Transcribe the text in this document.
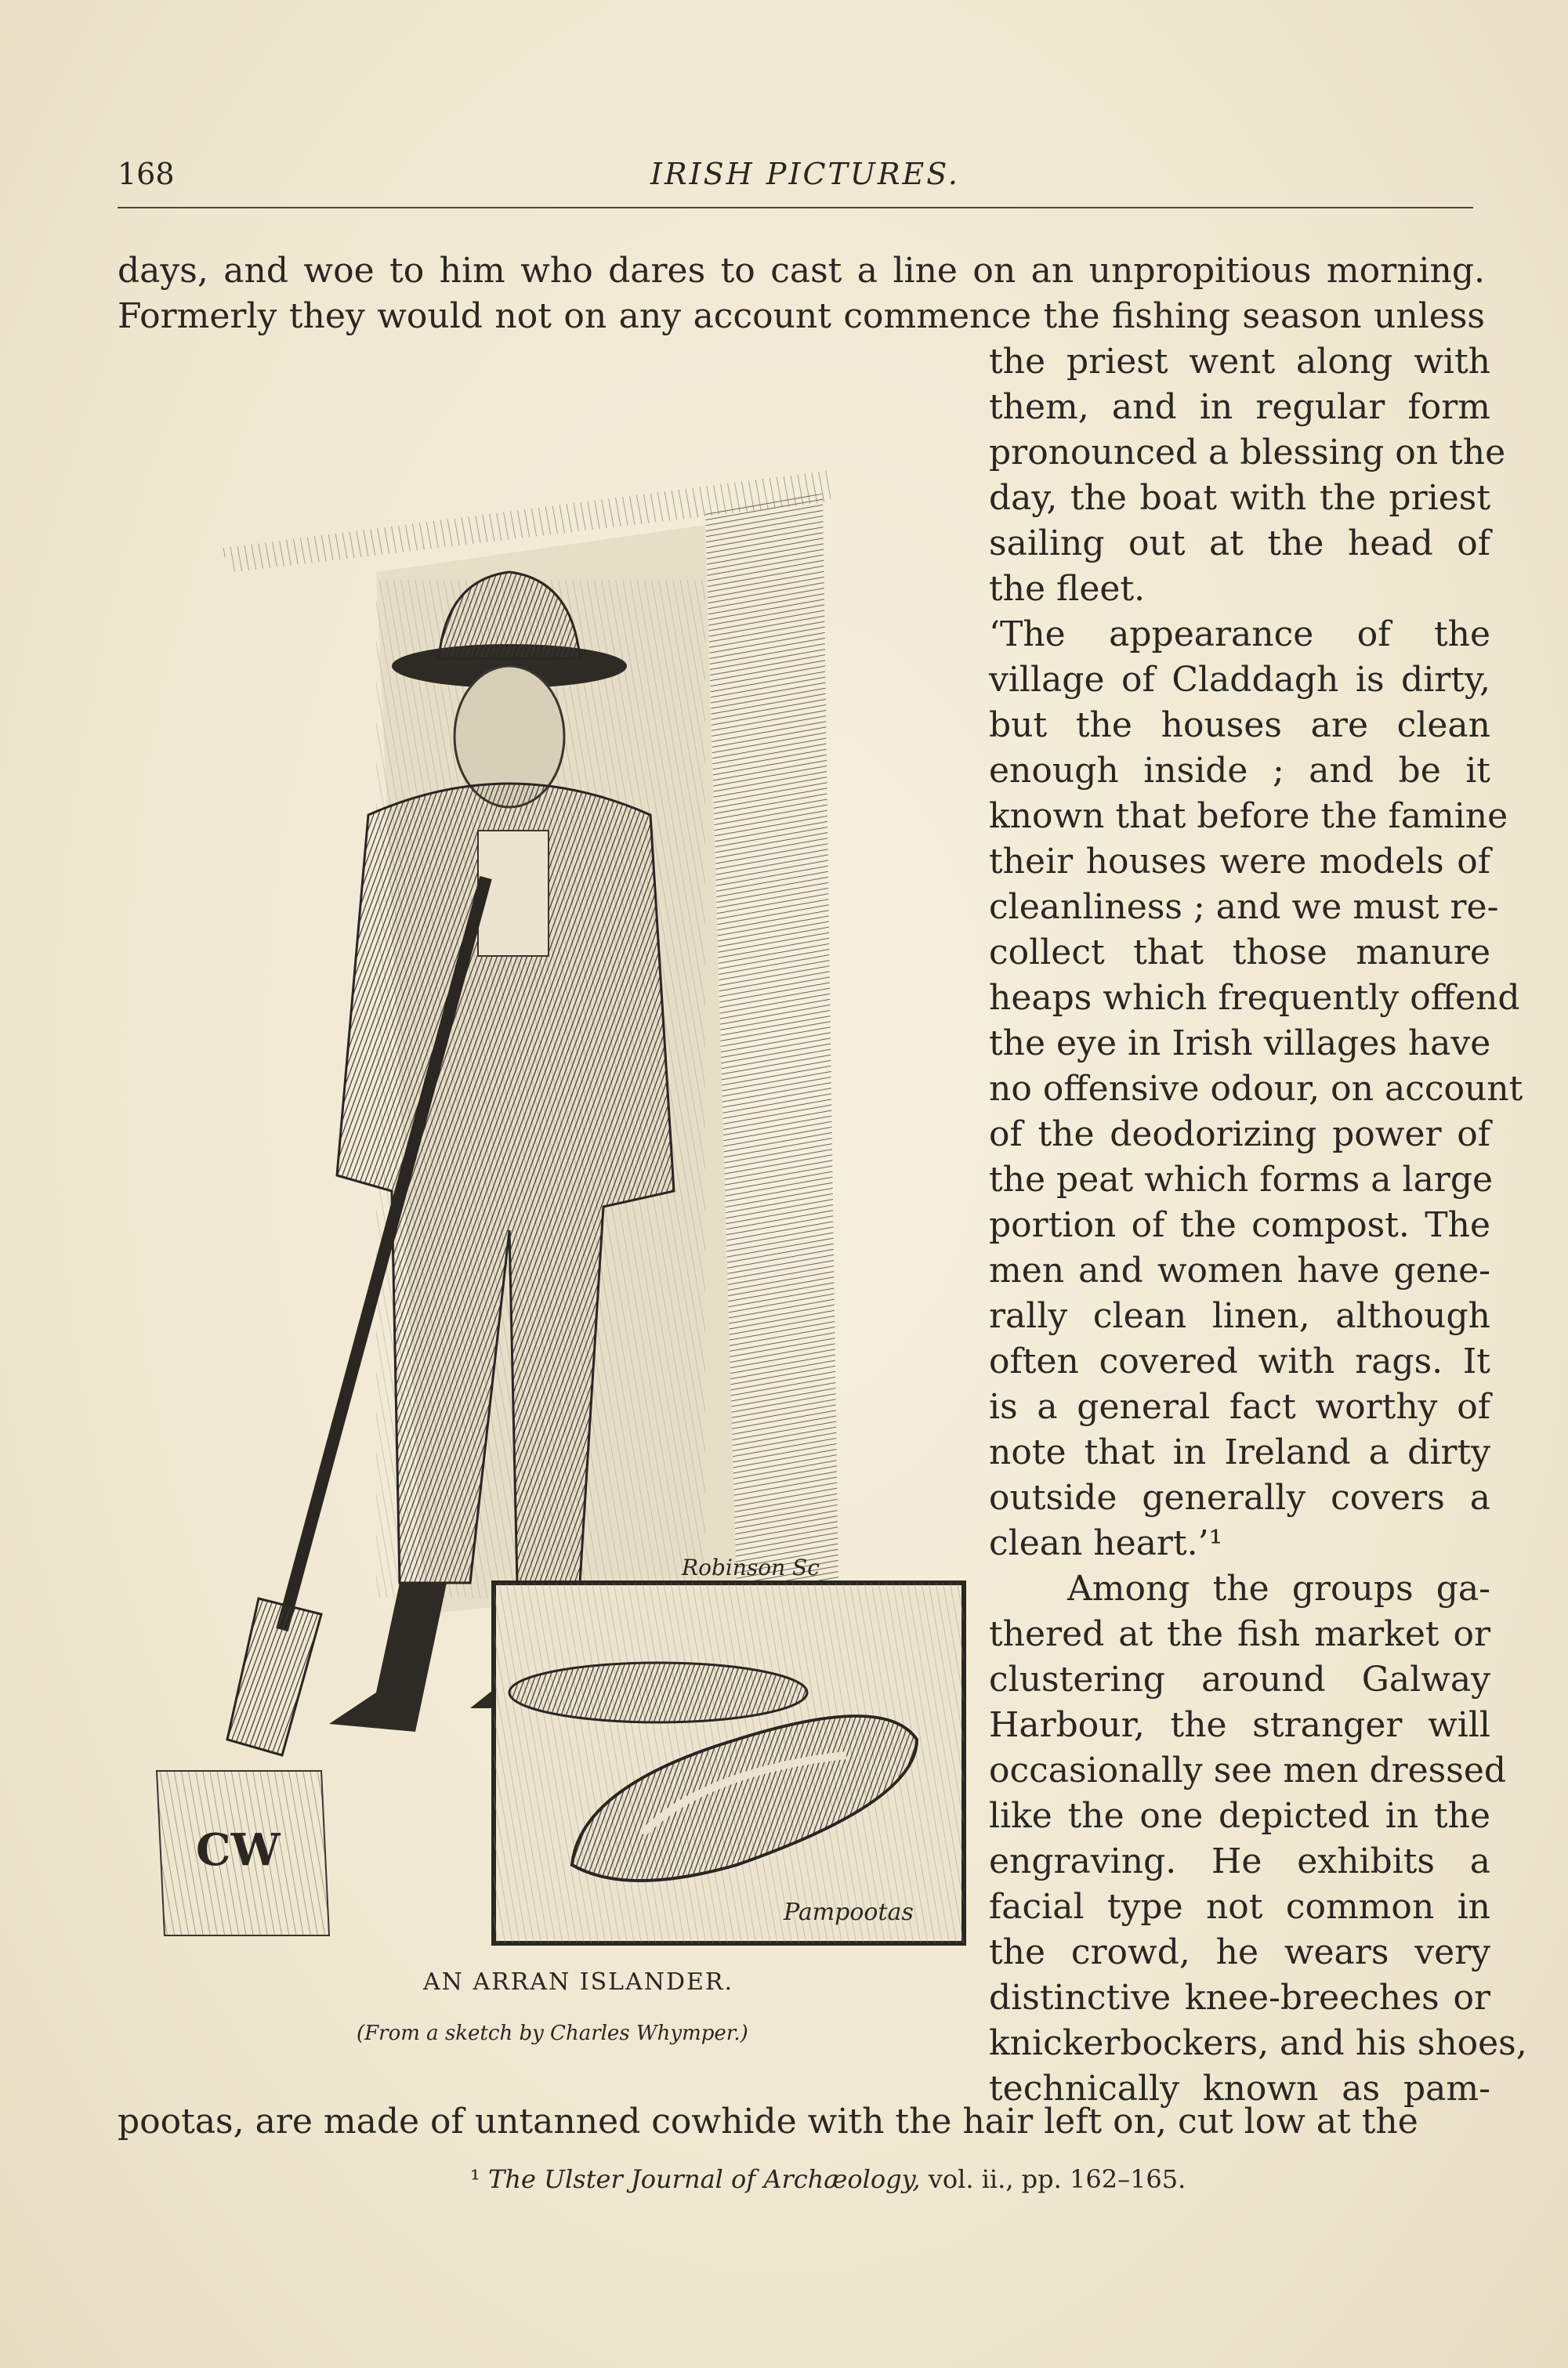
168	IRISH PICTURES.
days, and woe to him who dares to cast a line on an unpropitious morning.
Formerly they would not on any account commence the fishing season unless
the priest went along with
them, and in regular form
pronounced a blessing on the
day, the boat with the priest
sailing out at the head of
the fleet.
‘The appearance of the
village of Claddagh is dirty,
but the houses are clean
enough inside ; and be it
known that before the famine
their houses were models of
cleanliness ; and we must re-
collect that those manure
heaps which frequently offend
the eye in Irish villages have
no offensive odour, on account
of the deodorizing power of
the peat which forms a large
portion of the compost. The
men and women have gene-
rally clean linen, although
often covered with rags. It
is a general fact worthy of
note that in Ireland a dirty
outside generally covers a
clean heart.’¹
Among the groups ga-
thered at the fish market or
clustering around Galway
Harbour, the stranger will
occasionally see men dressed
like the one depicted in the
engraving. He exhibits a
facial type not common in
the crowd, he wears very
distinctive knee-breeches or
knickerbockers, and his shoes,
technically known as pam-
pootas, are made of untanned cowhide with the hair left on, cut low at the
CW
Pampootas
Robinson Sc
AN ARRAN ISLANDER.
(From a sketch by Charles Whymper.)
¹ The Ulster Journal of Archæology, vol. ii., pp. 162–165.
